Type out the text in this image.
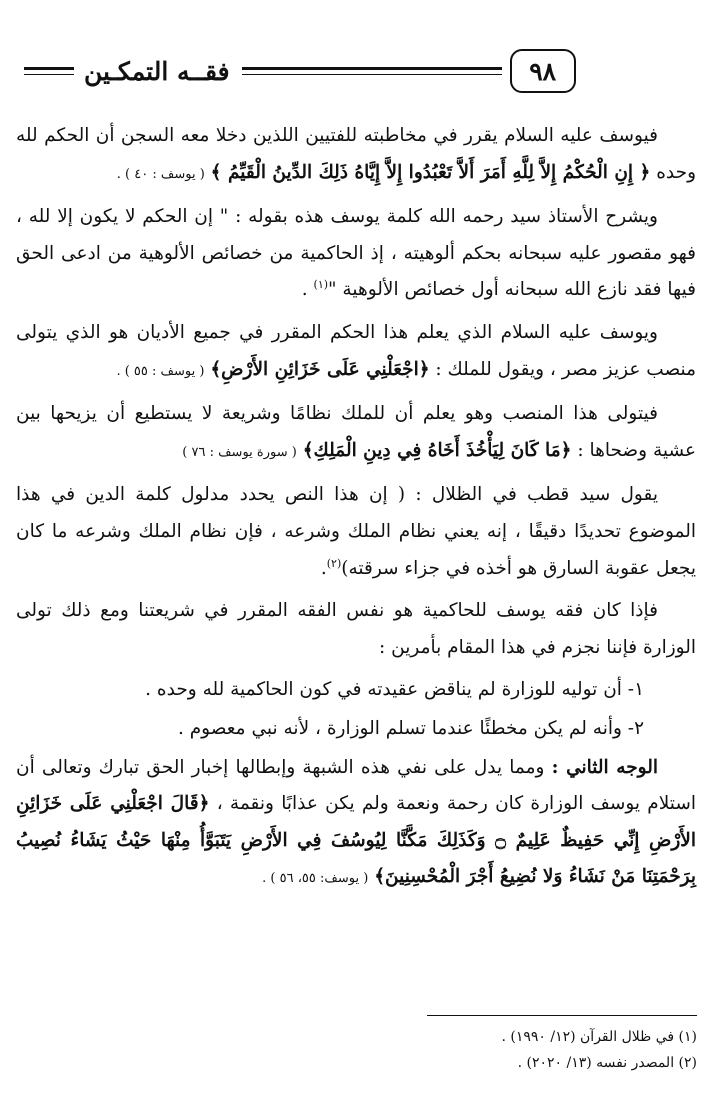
فقــه التمكـين	٩٨

فيوسف عليه السلام يقرر في مخاطبته للفتيين اللذين دخلا معه السجن أن الحكم لله وحده ﴿ إِنِ الْحُكْمُ إِلاَّ لِلَّهِ أَمَرَ أَلاَّ تَعْبُدُوا إِلاَّ إِيَّاهُ ذَلِكَ الدِّينُ الْقَيِّمُ ﴾ ( يوسف : ٤٠ ) .

ويشرح الأستاذ سيد رحمه الله كلمة يوسف هذه بقوله : " إن الحكم لا يكون إلا لله ، فهو مقصور عليه سبحانه بحكم ألوهيته ، إذ الحاكمية من خصائص الألوهية من ادعى الحق فيها فقد نازع الله سبحانه أول خصائص الألوهية "$^{(١)}$ .

ويوسف عليه السلام الذي يعلم هذا الحكم المقرر في جميع الأديان هو الذي يتولى منصب عزيز مصر ، ويقول للملك : ﴿اجْعَلْنِي عَلَى خَزَائِنِ الأَرْضِ﴾ ( يوسف : ٥٥ ) .

فيتولى هذا المنصب وهو يعلم أن للملك نظامًا وشريعة لا يستطيع أن يزيحها بين عشية وضحاها : ﴿مَا كَانَ لِيَأْخُذَ أَخَاهُ فِي دِينِ الْمَلِكِ﴾ ( سورة يوسف : ٧٦ )

يقول سيد قطب في الظلال : ( إن هذا النص يحدد مدلول كلمة الدين في هذا الموضوع تحديدًا دقيقًا ، إنه يعني نظام الملك وشرعه ، فإن نظام الملك وشرعه ما كان يجعل عقوبة السارق هو أخذه في جزاء سرقته)$^{(٢)}$.

فإذا كان فقه يوسف للحاكمية هو نفس الفقه المقرر في شريعتنا ومع ذلك تولى الوزارة فإننا نجزم في هذا المقام بأمرين :

١- أن توليه للوزارة لم يناقض عقيدته في كون الحاكمية لله وحده .

٢- وأنه لم يكن مخطئًا عندما تسلم الوزارة ، لأنه نبي معصوم .

الوجه الثاني : ومما يدل على نفي هذه الشبهة وإبطالها إخبار الحق تبارك وتعالى أن استلام يوسف الوزارة كان رحمة ونعمة ولم يكن عذابًا ونقمة ، ﴿قَالَ اجْعَلْنِي عَلَى خَزَائِنِ الأَرْضِ إِنِّي حَفِيظٌ عَلِيمٌ ۝ وَكَذَلِكَ مَكَّنَّا لِيُوسُفَ فِي الأَرْضِ يَتَبَوَّأُ مِنْهَا حَيْثُ يَشَاءُ نُصِيبُ بِرَحْمَتِنَا مَنْ نَشَاءُ وَلا نُضِيعُ أَجْرَ الْمُحْسِنِينَ﴾ ( يوسف: ٥٥، ٥٦ ) .

(١) في ظلال القرآن (١٢/ ١٩٩٠) .
(٢) المصدر نفسه (١٣/ ٢٠٢٠) .
